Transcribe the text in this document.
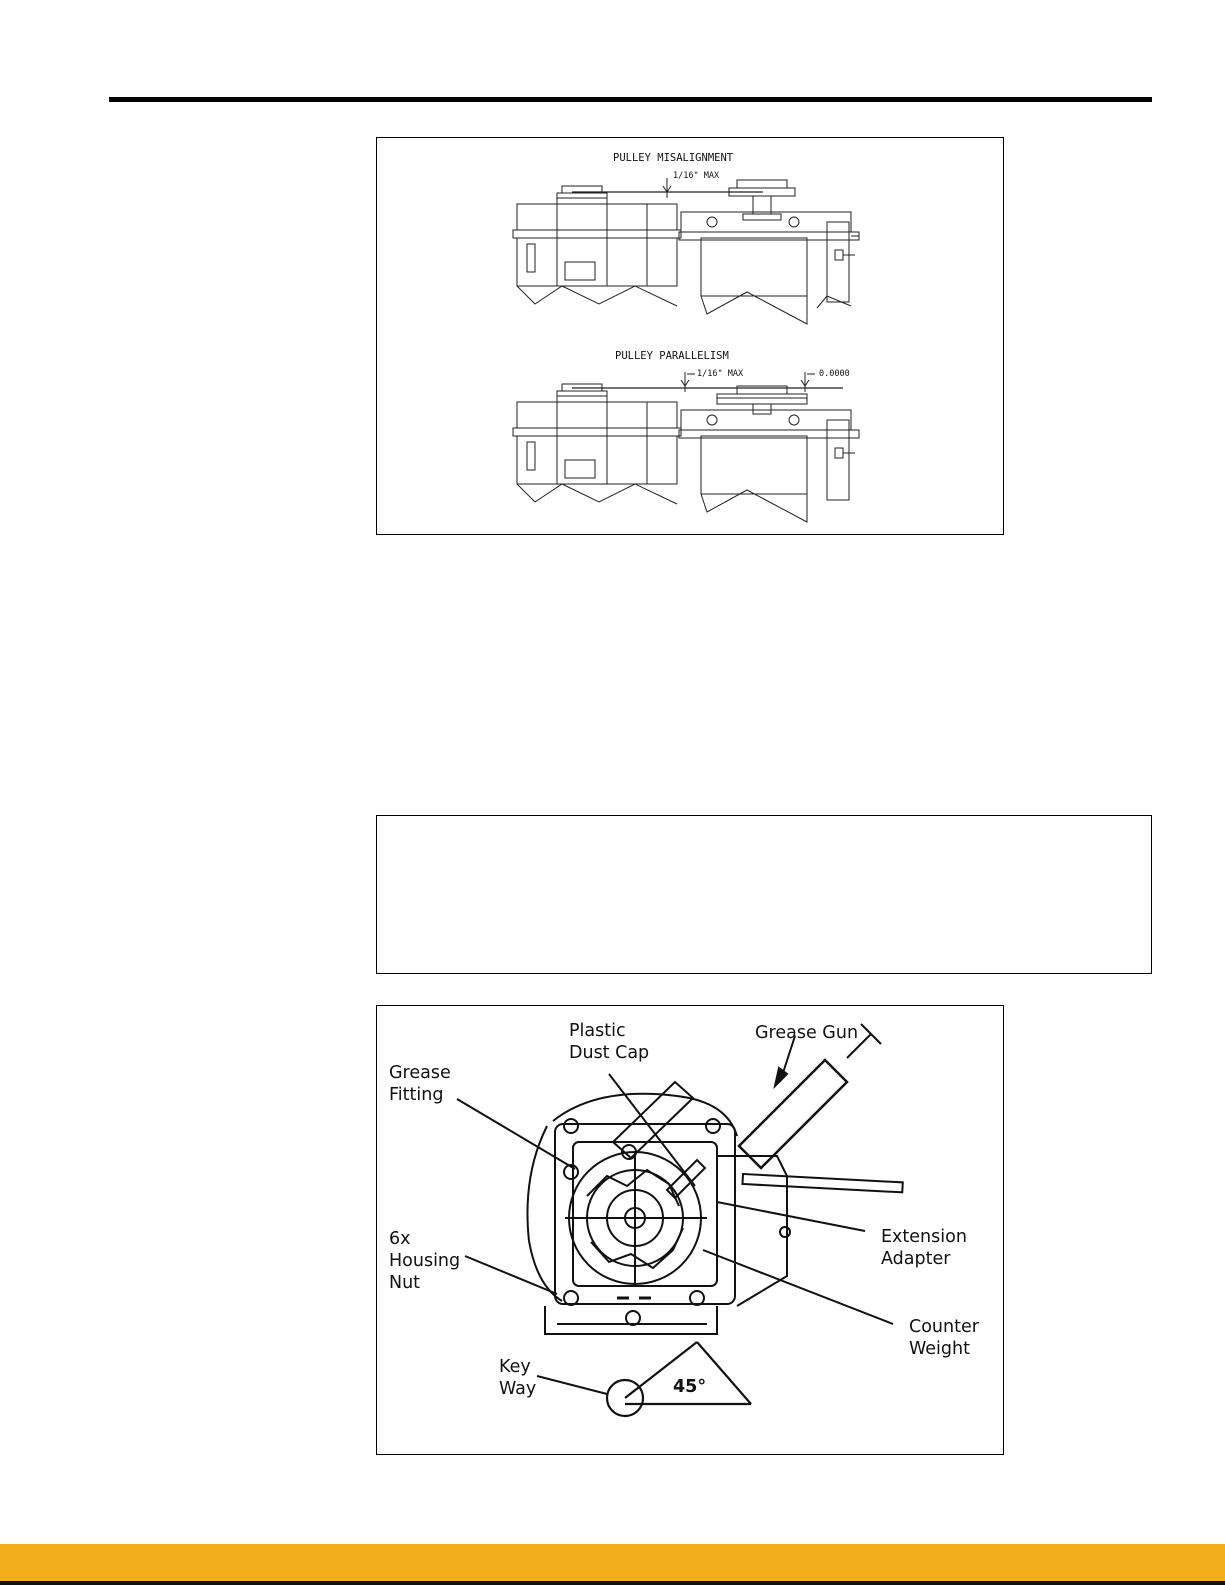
PULLEY MISALIGNMENT
1/16" MAX
PULLEY PARALLELISM
1/16" MAX	0.0000
Plastic
Dust Cap
Grease Gun
Grease
Fitting
6x
Housing
Nut
Extension
Adapter
Counter
Weight
Key
Way	45°
